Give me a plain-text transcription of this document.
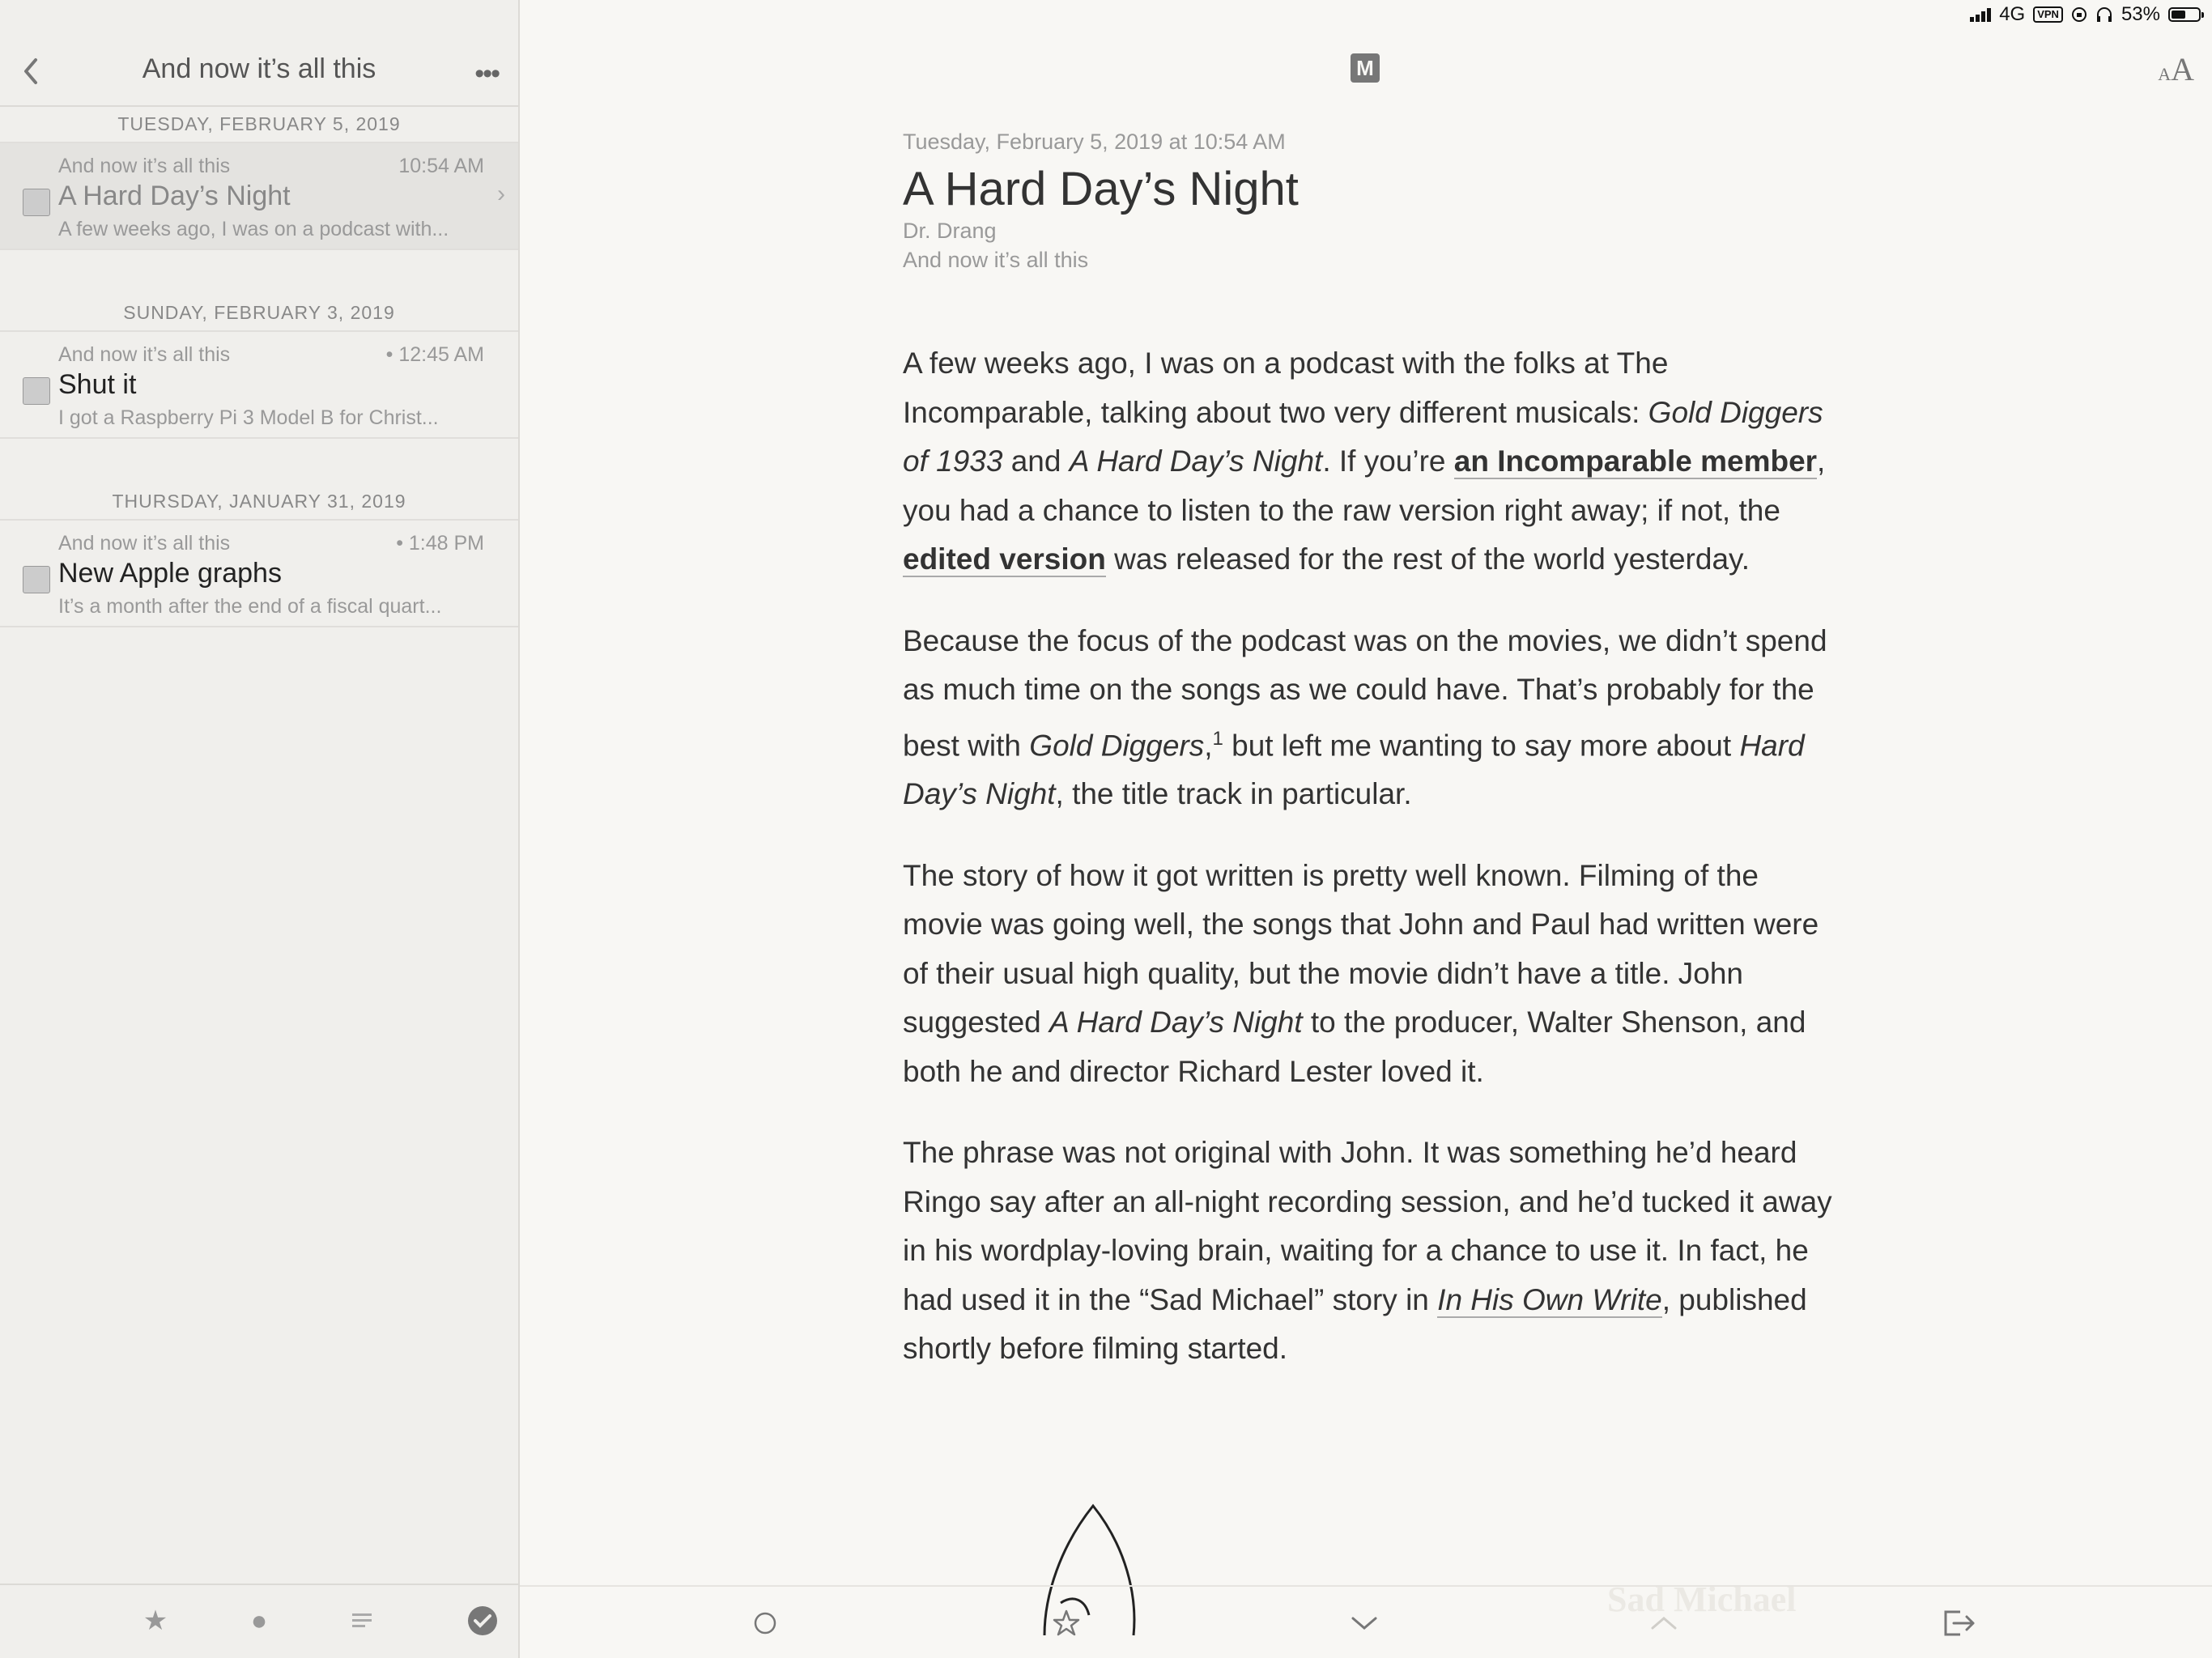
4G	VPN	53%
And now it’s all this	•••
TUESDAY, FEBRUARY 5, 2019
And now it’s all this	10:54 AM
A Hard Day’s Night
A few weeks ago, I was on a podcast with...
›
SUNDAY, FEBRUARY 3, 2019
And now it’s all this	• 12:45 AM
Shut it
I got a Raspberry Pi 3 Model B for Christ...
THURSDAY, JANUARY 31, 2019
And now it’s all this	• 1:48 PM
New Apple graphs
It’s a month after the end of a fiscal quart...
★	●
M	AA
Tuesday, February 5, 2019 at 10:54 AM
A Hard Day’s Night
Dr. Drang
And now it’s all this

A few weeks ago, I was on a podcast with the folks at The Incomparable, talking about two very different musicals: Gold Diggers of 1933 and A Hard Day’s Night. If you’re an Incomparable member, you had a chance to listen to the raw version right away; if not, the edited version was released for the rest of the world yesterday.

Because the focus of the podcast was on the movies, we didn’t spend as much time on the songs as we could have. That’s probably for the best with Gold Diggers,$^1$ but left me wanting to say more about Hard Day’s Night, the title track in particular.

The story of how it got written is pretty well known. Filming of the movie was going well, the songs that John and Paul had written were of their usual high quality, but the movie didn’t have a title. John suggested A Hard Day’s Night to the producer, Walter Shenson, and both he and director Richard Lester loved it.

The phrase was not original with John. It was something he’d heard Ringo say after an all-night recording session, and he’d tucked it away in his wordplay-loving brain, waiting for a chance to use it. In fact, he had used it in the “Sad Michael” story in In His Own Write, published shortly before filming started.

Sad Michael
